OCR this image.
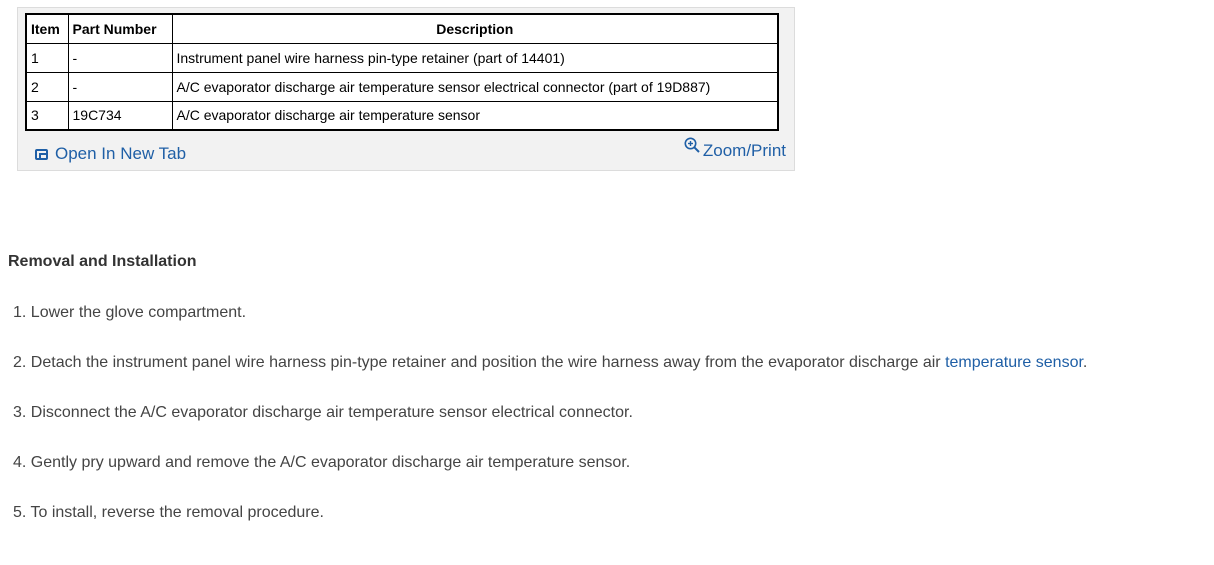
Item	Part Number	Description
1	-	Instrument panel wire harness pin-type retainer (part of 14401)
2	-	A/C evaporator discharge air temperature sensor electrical connector (part of 19D887)
3	19C734	A/C evaporator discharge air temperature sensor
Open In New Tab	Zoom/Print
Removal and Installation
1. Lower the glove compartment.
2. Detach the instrument panel wire harness pin-type retainer and position the wire harness away from the evaporator discharge air temperature sensor.
3. Disconnect the A/C evaporator discharge air temperature sensor electrical connector.
4. Gently pry upward and remove the A/C evaporator discharge air temperature sensor.
5. To install, reverse the removal procedure.
